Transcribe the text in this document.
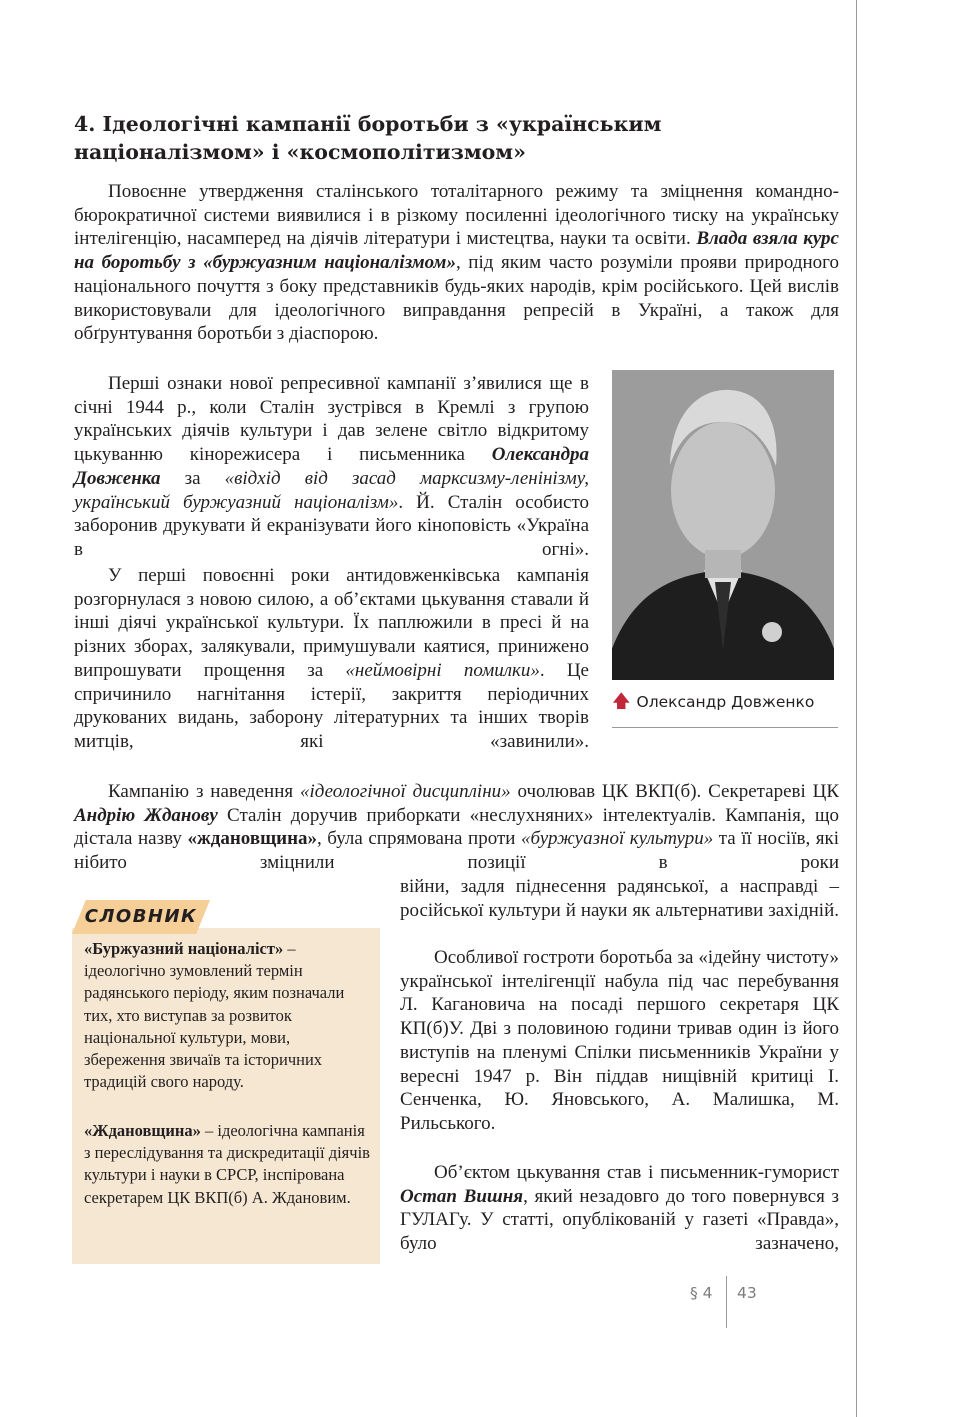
4. Ідеологічні кампанії боротьби з «українським
націоналізмом» і «космополітизмом»

Повоєнне утвердження сталінського тоталітарного режиму та зміцнення командно-бюрократичної системи виявилися і в різкому посиленні ідеологічного тиску на українську інтелігенцію, насамперед на діячів літератури і мистецтва, науки та освіти. Влада взяла курс на боротьбу з «буржуазним націоналізмом», під яким часто розуміли прояви природного національного почуття з боку представників будь-яких народів, крім російського. Цей вислів використовували для ідеологічного виправдання репресій в Україні, а також для обґрунтування боротьби з діаспорою.

Перші ознаки нової репресивної кампанії з’явилися ще в січні 1944 р., коли Сталін зустрівся в Кремлі з групою українських діячів культури і дав зелене світло відкритому цькуванню кінорежисера і письменника Олександра Довженка за «відхід від засад марксизму-ленінізму, український буржуазний націоналізм». Й. Сталін особисто заборонив друкувати й екранізувати його кіноповість «Україна в огні».

У перші повоєнні роки антидовженківська кампанія розгорнулася з новою силою, а об’єктами цькування ставали й інші діячі української культури. Їх паплюжили в пресі й на різних зборах, залякували, примушували каятися, принижено випрошувати прощення за «неймовірні помилки». Це спричинило нагнітання істерії, закриття періодичних друкованих видань, заборону літературних та інших творів митців, які «завинили».

Кампанію з наведення «ідеологічної дисципліни» очолював ЦК ВКП(б). Секретареві ЦК Андрію Жданову Сталін доручив приборкати «неслухняних» інтелектуалів. Кампанія, що дістала назву «ждановщина», була спрямована проти «буржуазної культури» та її носіїв, які нібито зміцнили позиції в роки

війни, задля піднесення радянської, а насправді – російської культури й науки як альтернативи західній.

Особливої гостроти боротьба за «ідейну чистоту» української інтелігенції набула під час перебування Л. Кагановича на посаді першого секретаря ЦК КП(б)У. Дві з половиною години тривав один із його виступів на пленумі Спілки письменників України у вересні 1947 р. Він піддав нищівній критиці І. Сенченка, Ю. Яновського, А. Малишка, М. Рильського.

Об’єктом цькування став і письменник-гуморист Остап Вишня, який незадовго до того повернувся з ГУЛАГу. У статті, опублікованій у газеті «Правда», було зазначено,

🡅 Олександр Довженко
СЛОВНИК

«Буржуазний націоналіст» – ідеологічно зумовлений термін радянського періоду, яким позначали тих, хто виступав за розвиток національної культури, мови, збереження звичаїв та історичних традицій свого народу.

«Ждановщина» – ідеологічна кампанія з переслідування та дискредитації діячів культури і науки в СРСР, інспірована секретарем ЦК ВКП(б) А. Ждановим.

§ 4 43
